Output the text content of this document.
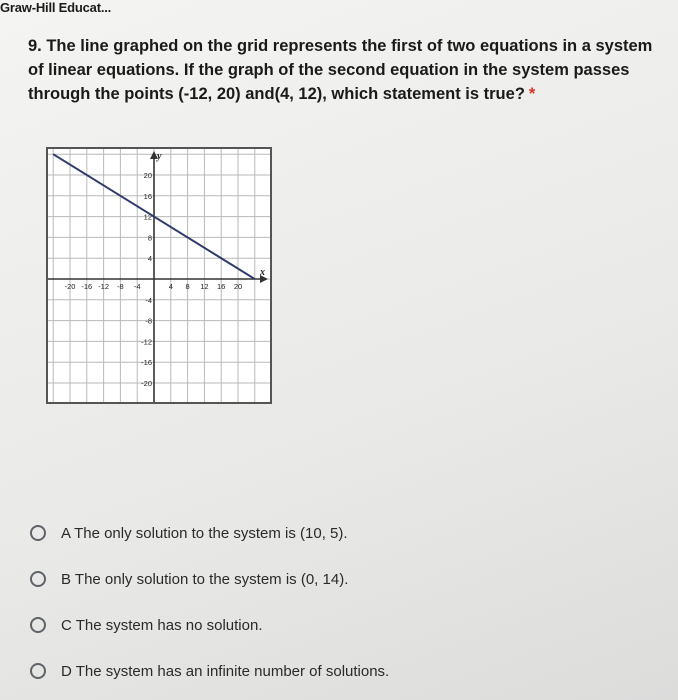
Graw-Hill Educat...
9. The line graphed on the grid represents the first of two equations in a system of linear equations. If the graph of the second equation in the system passes through the points (-12, 20) and(4, 12), which statement is true? *
x
y
-20 -16 -12 -8 -4	4 8 12 16 20
20
16
12
8
4
-4
-8
-12
-16
-20
A The only solution to the system is (10, 5).
B The only solution to the system is (0, 14).
C The system has no solution.
D The system has an infinite number of solutions.
